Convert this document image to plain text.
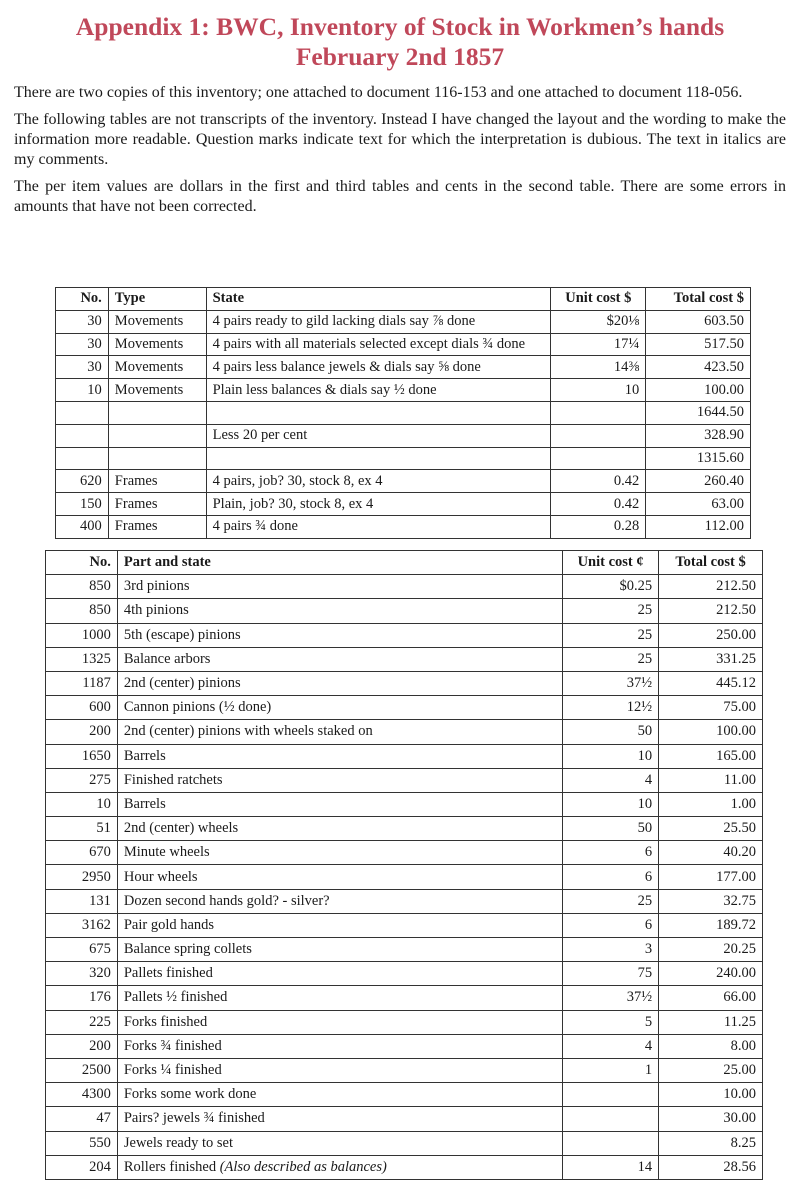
Appendix 1: BWC, Inventory of Stock in Workmen’s hands
February 2nd 1857

There are two copies of this inventory; one attached to document 116-153 and one attached to document 118-056.

The following tables are not transcripts of the inventory. Instead I have changed the layout and the wording to make the information more readable. Question marks indicate text for which the interpretation is dubious. The text in italics are my comments.

The per item values are dollars in the first and third tables and cents in the second table. There are some errors in amounts that have not been corrected.

No.	Type	State	Unit cost $	Total cost $
30	Movements	4 pairs ready to gild lacking dials say ⅞ done	$20⅛	603.50
30	Movements	4 pairs with all materials selected except dials ¾ done	17¼	517.50
30	Movements	4 pairs less balance jewels & dials say ⅝ done	14⅜	423.50
10	Movements	Plain less balances & dials say ½ done	10	100.00
				1644.50
		Less 20 per cent		328.90
				1315.60
620	Frames	4 pairs, job? 30, stock 8, ex 4	0.42	260.40
150	Frames	Plain, job? 30, stock 8, ex 4	0.42	63.00
400	Frames	4 pairs ¾ done	0.28	112.00
No.	Part and state	Unit cost ¢	Total cost $
850	3rd pinions	$0.25	212.50
850	4th pinions	25	212.50
1000	5th (escape) pinions	25	250.00
1325	Balance arbors	25	331.25
1187	2nd (center) pinions	37½	445.12
600	Cannon pinions (½ done)	12½	75.00
200	2nd (center) pinions with wheels staked on	50	100.00
1650	Barrels	10	165.00
275	Finished ratchets	4	11.00
10	Barrels	10	1.00
51	2nd (center) wheels	50	25.50
670	Minute wheels	6	40.20
2950	Hour wheels	6	177.00
131	Dozen second hands gold? - silver?	25	32.75
3162	Pair gold hands	6	189.72
675	Balance spring collets	3	20.25
320	Pallets finished	75	240.00
176	Pallets ½ finished	37½	66.00
225	Forks finished	5	11.25
200	Forks ¾ finished	4	8.00
2500	Forks ¼ finished	1	25.00
4300	Forks some work done		10.00
47	Pairs? jewels ¾ finished		30.00
550	Jewels ready to set		8.25
204	Rollers finished (Also described as balances)	14	28.56
